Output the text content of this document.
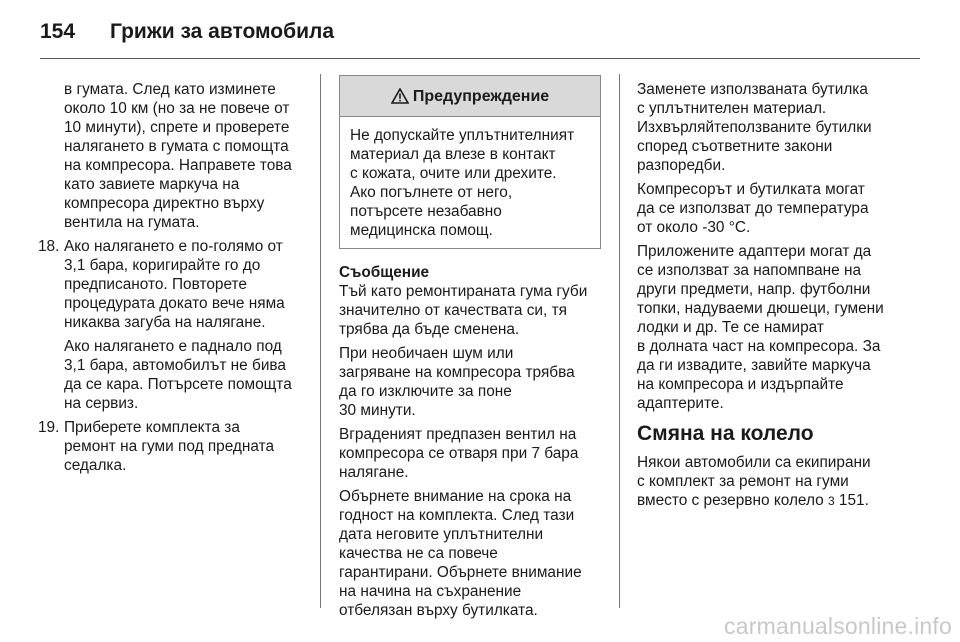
154 Грижи за автомобила

в гумата. След като изминете
около 10 км (но за не повече от
10 минути), спрете и проверете
налягането в гумата с помощта
на компресора. Направете това
като завиете маркуча на
компресора директно върху
вентила на гумата.

18. Ако налягането е по-голямо от
3,1 бара, коригирайте го до
предписаното. Повторете
процедурата докато вече няма
никаква загуба на налягане.

Ако налягането е паднало под
3,1 бара, автомобилът не бива
да се кара. Потърсете помощта
на сервиз.

19. Приберете комплекта за
ремонт на гуми под предната
седалка.

Предупреждение
Не допускайте уплътнителният
материал да влезе в контакт
с кожата, очите или дрехите.
Ако погълнете от него,
потърсете незабавно
медицинска помощ.
Съобщение

Тъй като ремонтираната гума губи
значително от качествата си, тя
трябва да бъде сменена.

При необичаен шум или
загряване на компресора трябва
да го изключите за поне
30 минути.

Вграденият предпазен вентил на
компресора се отваря при 7 бара
налягане.

Обърнете внимание на срока на
годност на комплекта. След тази
дата неговите уплътнителни
качества не са повече
гарантирани. Обърнете внимание
на начина на съхранение
отбелязан върху бутилката.

Заменете използваната бутилка
с уплътнителен материал.
Изхвърляйтеползваните бутилки
според съответните закони
разпоредби.

Компресорът и бутилката могат
да се използват до температура
от около -30 °C.

Приложените адаптери могат да
се използват за напомпване на
други предмети, напр. футболни
топки, надуваеми дюшеци, гумени
лодки и др. Те се намират
в долната част на компресора. За
да ги извадите, завийте маркуча
на компресора и издърпайте
адаптерите.

Смяна на колело

Някои автомобили са екипирани
с комплект за ремонт на гуми
вместо с резервно колело 3 151.

carmanualsonline.info
